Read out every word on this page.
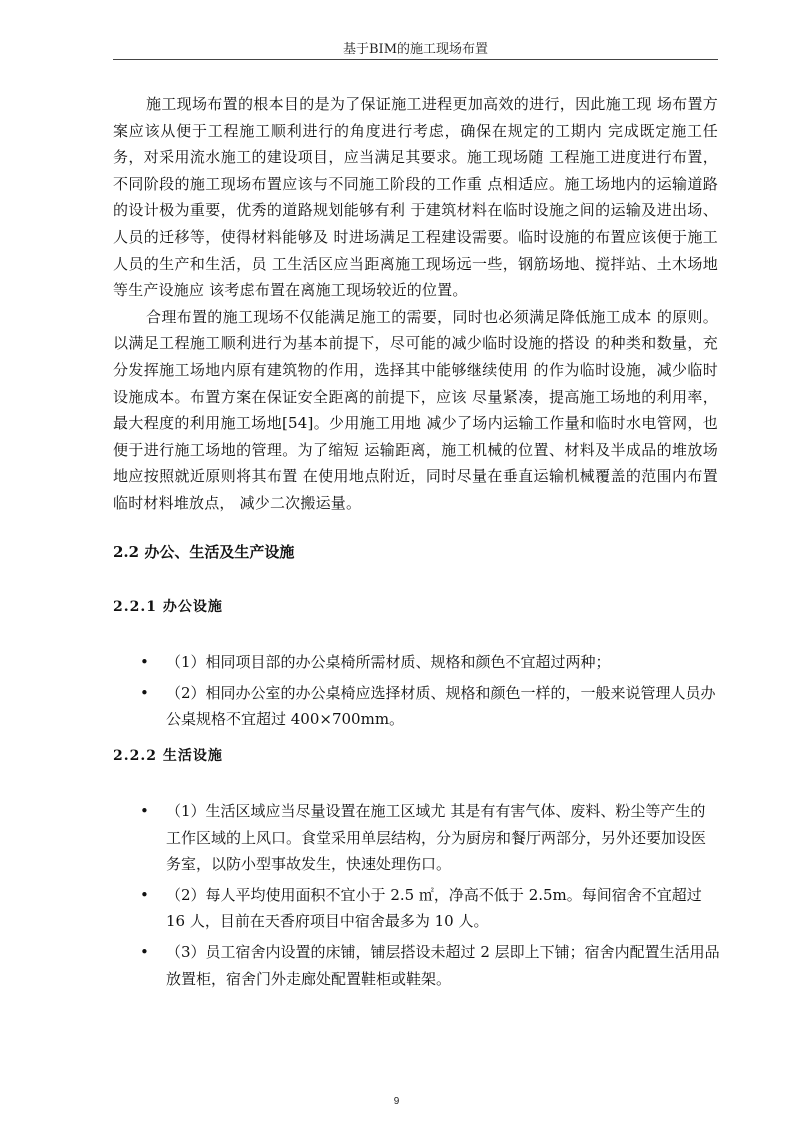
基于BIM的施工现场布置

施工现场布置的根本目的是为了保证施工进程更加高效的进行，因此施工现 场布置方案应该从便于工程施工顺利进行的角度进行考虑，确保在规定的工期内 完成既定施工任务，对采用流水施工的建设项目，应当满足其要求。施工现场随 工程施工进度进行布置，不同阶段的施工现场布置应该与不同施工阶段的工作重 点相适应。施工场地内的运输道路的设计极为重要，优秀的道路规划能够有利 于建筑材料在临时设施之间的运输及进出场、人员的迁移等，使得材料能够及 时进场满足工程建设需要。临时设施的布置应该便于施工人员的生产和生活，员 工生活区应当距离施工现场远一些，钢筋场地、搅拌站、土木场地等生产设施应 该考虑布置在离施工现场较近的位置。

合理布置的施工现场不仅能满足施工的需要，同时也必须满足降低施工成本 的原则。以满足工程施工顺利进行为基本前提下，尽可能的减少临时设施的搭设 的种类和数量，充分发挥施工场地内原有建筑物的作用，选择其中能够继续使用 的作为临时设施，减少临时设施成本。布置方案在保证安全距离的前提下，应该 尽量紧凑，提高施工场地的利用率，最大程度的利用施工场地[54]。少用施工用地 减少了场内运输工作量和临时水电管网，也便于进行施工场地的管理。为了缩短 运输距离，施工机械的位置、材料及半成品的堆放场地应按照就近原则将其布置 在使用地点附近，同时尽量在垂直运输机械覆盖的范围内布置临时材料堆放点， 减少二次搬运量。

2.2 办公、生活及生产设施
2.2.1 办公设施
• （1）相同项目部的办公桌椅所需材质、规格和颜色不宜超过两种；
• （2）相同办公室的办公桌椅应选择材质、规格和颜色一样的，一般来说管理人员办公桌规格不宜超过 400×700mm。
2.2.2 生活设施
• （1）生活区域应当尽量设置在施工区域尤 其是有有害气体、废料、粉尘等产生的工作区域的上风口。食堂采用单层结构，分为厨房和餐厅两部分，另外还要加设医务室，以防小型事故发生，快速处理伤口。
• （2）每人平均使用面积不宜小于 2.5 ㎡，净高不低于 2.5m。每间宿舍不宜超过 16 人，目前在天香府项目中宿舍最多为 10 人。
• （3）员工宿舍内设置的床铺，铺层搭设未超过 2 层即上下铺；宿舍内配置生活用品放置柜，宿舍门外走廊处配置鞋柜或鞋架。
9
